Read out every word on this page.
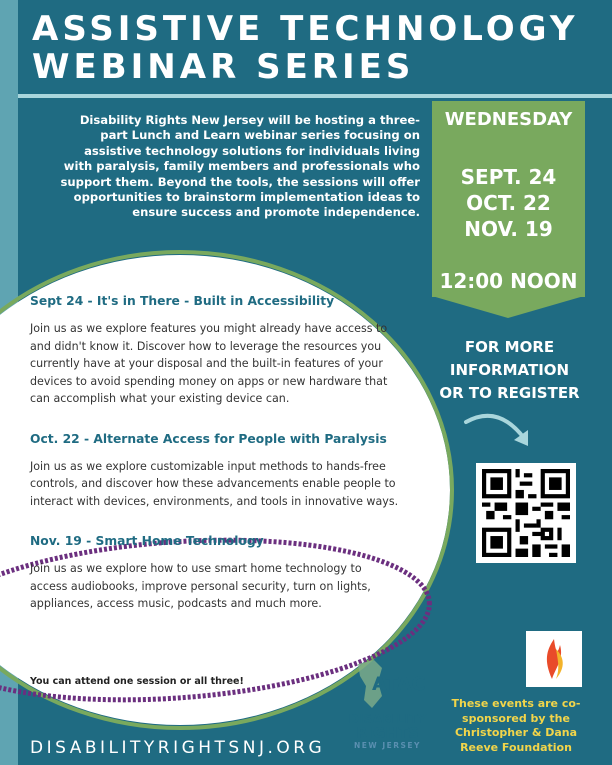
ASSISTIVE TECHNOLOGY
WEBINAR SERIES
Disability Rights New Jersey will be hosting a three-part Lunch and Learn webinar series focusing on assistive technology solutions for individuals living with paralysis, family members and professionals who support them. Beyond the tools, the sessions will offer opportunities to brainstorm implementation ideas to ensure success and promote independence.
WEDNESDAY
SEPT. 24
OCT. 22
NOV. 19
12:00 NOON
FOR MORE
INFORMATION
OR TO REGISTER
Sept 24 - It's in There - Built in Accessibility
Join us as we explore features you might already have access to and didn't know it. Discover how to leverage the resources you currently have at your disposal and the built-in features of your devices to avoid spending money on apps or new hardware that can accomplish what your existing device can.
Oct. 22 - Alternate Access for People with Paralysis
Join us as we explore customizable input methods to hands-free controls, and discover how these advancements enable people to interact with devices, environments, and tools in innovative ways.
Nov. 19 - Smart Home Technology
Join us as we explore how to use smart home technology to access audiobooks, improve personal security, turn on lights, appliances, access music, podcasts and much more.
You can attend one session or all three!
DISABILITYRIGHTSNJ.ORG
ATAC
DISABILITY
RIGHTS
NEW JERSEY
These events are co-sponsored by the Christopher & Dana Reeve Foundation
